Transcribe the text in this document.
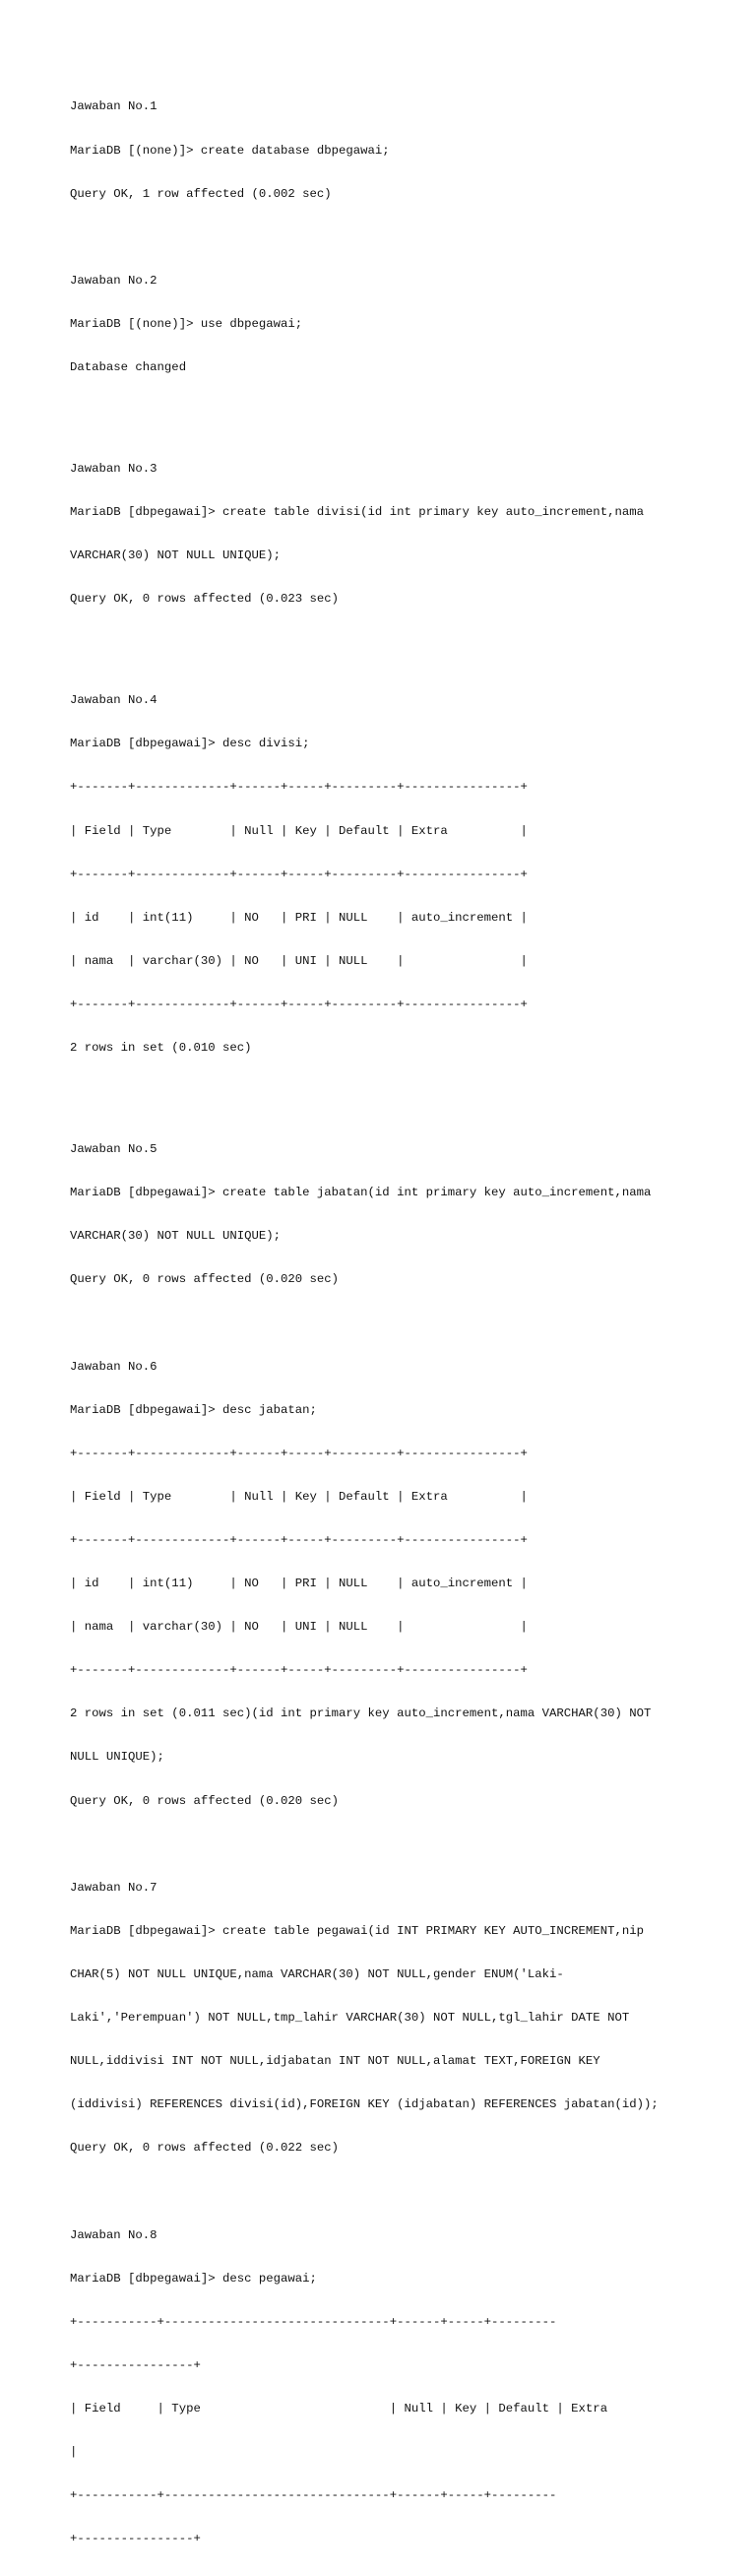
Jawaban No.1

MariaDB [(none)]> create database dbpegawai;

Query OK, 1 row affected (0.002 sec)

Jawaban No.2

MariaDB [(none)]> use dbpegawai;

Database changed

Jawaban No.3

MariaDB [dbpegawai]> create table divisi(id int primary key auto_increment,nama

VARCHAR(30) NOT NULL UNIQUE);

Query OK, 0 rows affected (0.023 sec)

Jawaban No.4

MariaDB [dbpegawai]> desc divisi;

+-------+-------------+------+-----+---------+----------------+

| Field | Type        | Null | Key | Default | Extra          |

+-------+-------------+------+-----+---------+----------------+

| id    | int(11)     | NO   | PRI | NULL    | auto_increment |

| nama  | varchar(30) | NO   | UNI | NULL    |                |

+-------+-------------+------+-----+---------+----------------+

2 rows in set (0.010 sec)

Jawaban No.5

MariaDB [dbpegawai]> create table jabatan(id int primary key auto_increment,nama

VARCHAR(30) NOT NULL UNIQUE);

Query OK, 0 rows affected (0.020 sec)

Jawaban No.6

MariaDB [dbpegawai]> desc jabatan;

+-------+-------------+------+-----+---------+----------------+

| Field | Type        | Null | Key | Default | Extra          |

+-------+-------------+------+-----+---------+----------------+

| id    | int(11)     | NO   | PRI | NULL    | auto_increment |

| nama  | varchar(30) | NO   | UNI | NULL    |                |

+-------+-------------+------+-----+---------+----------------+

2 rows in set (0.011 sec)(id int primary key auto_increment,nama VARCHAR(30) NOT

NULL UNIQUE);

Query OK, 0 rows affected (0.020 sec)

Jawaban No.7

MariaDB [dbpegawai]> create table pegawai(id INT PRIMARY KEY AUTO_INCREMENT,nip

CHAR(5) NOT NULL UNIQUE,nama VARCHAR(30) NOT NULL,gender ENUM('Laki-

Laki','Perempuan') NOT NULL,tmp_lahir VARCHAR(30) NOT NULL,tgl_lahir DATE NOT

NULL,iddivisi INT NOT NULL,idjabatan INT NOT NULL,alamat TEXT,FOREIGN KEY

(iddivisi) REFERENCES divisi(id),FOREIGN KEY (idjabatan) REFERENCES jabatan(id));

Query OK, 0 rows affected (0.022 sec)

Jawaban No.8

MariaDB [dbpegawai]> desc pegawai;

+-----------+-------------------------------+------+-----+---------

+----------------+

| Field     | Type                          | Null | Key | Default | Extra

|

+-----------+-------------------------------+------+-----+---------

+----------------+
